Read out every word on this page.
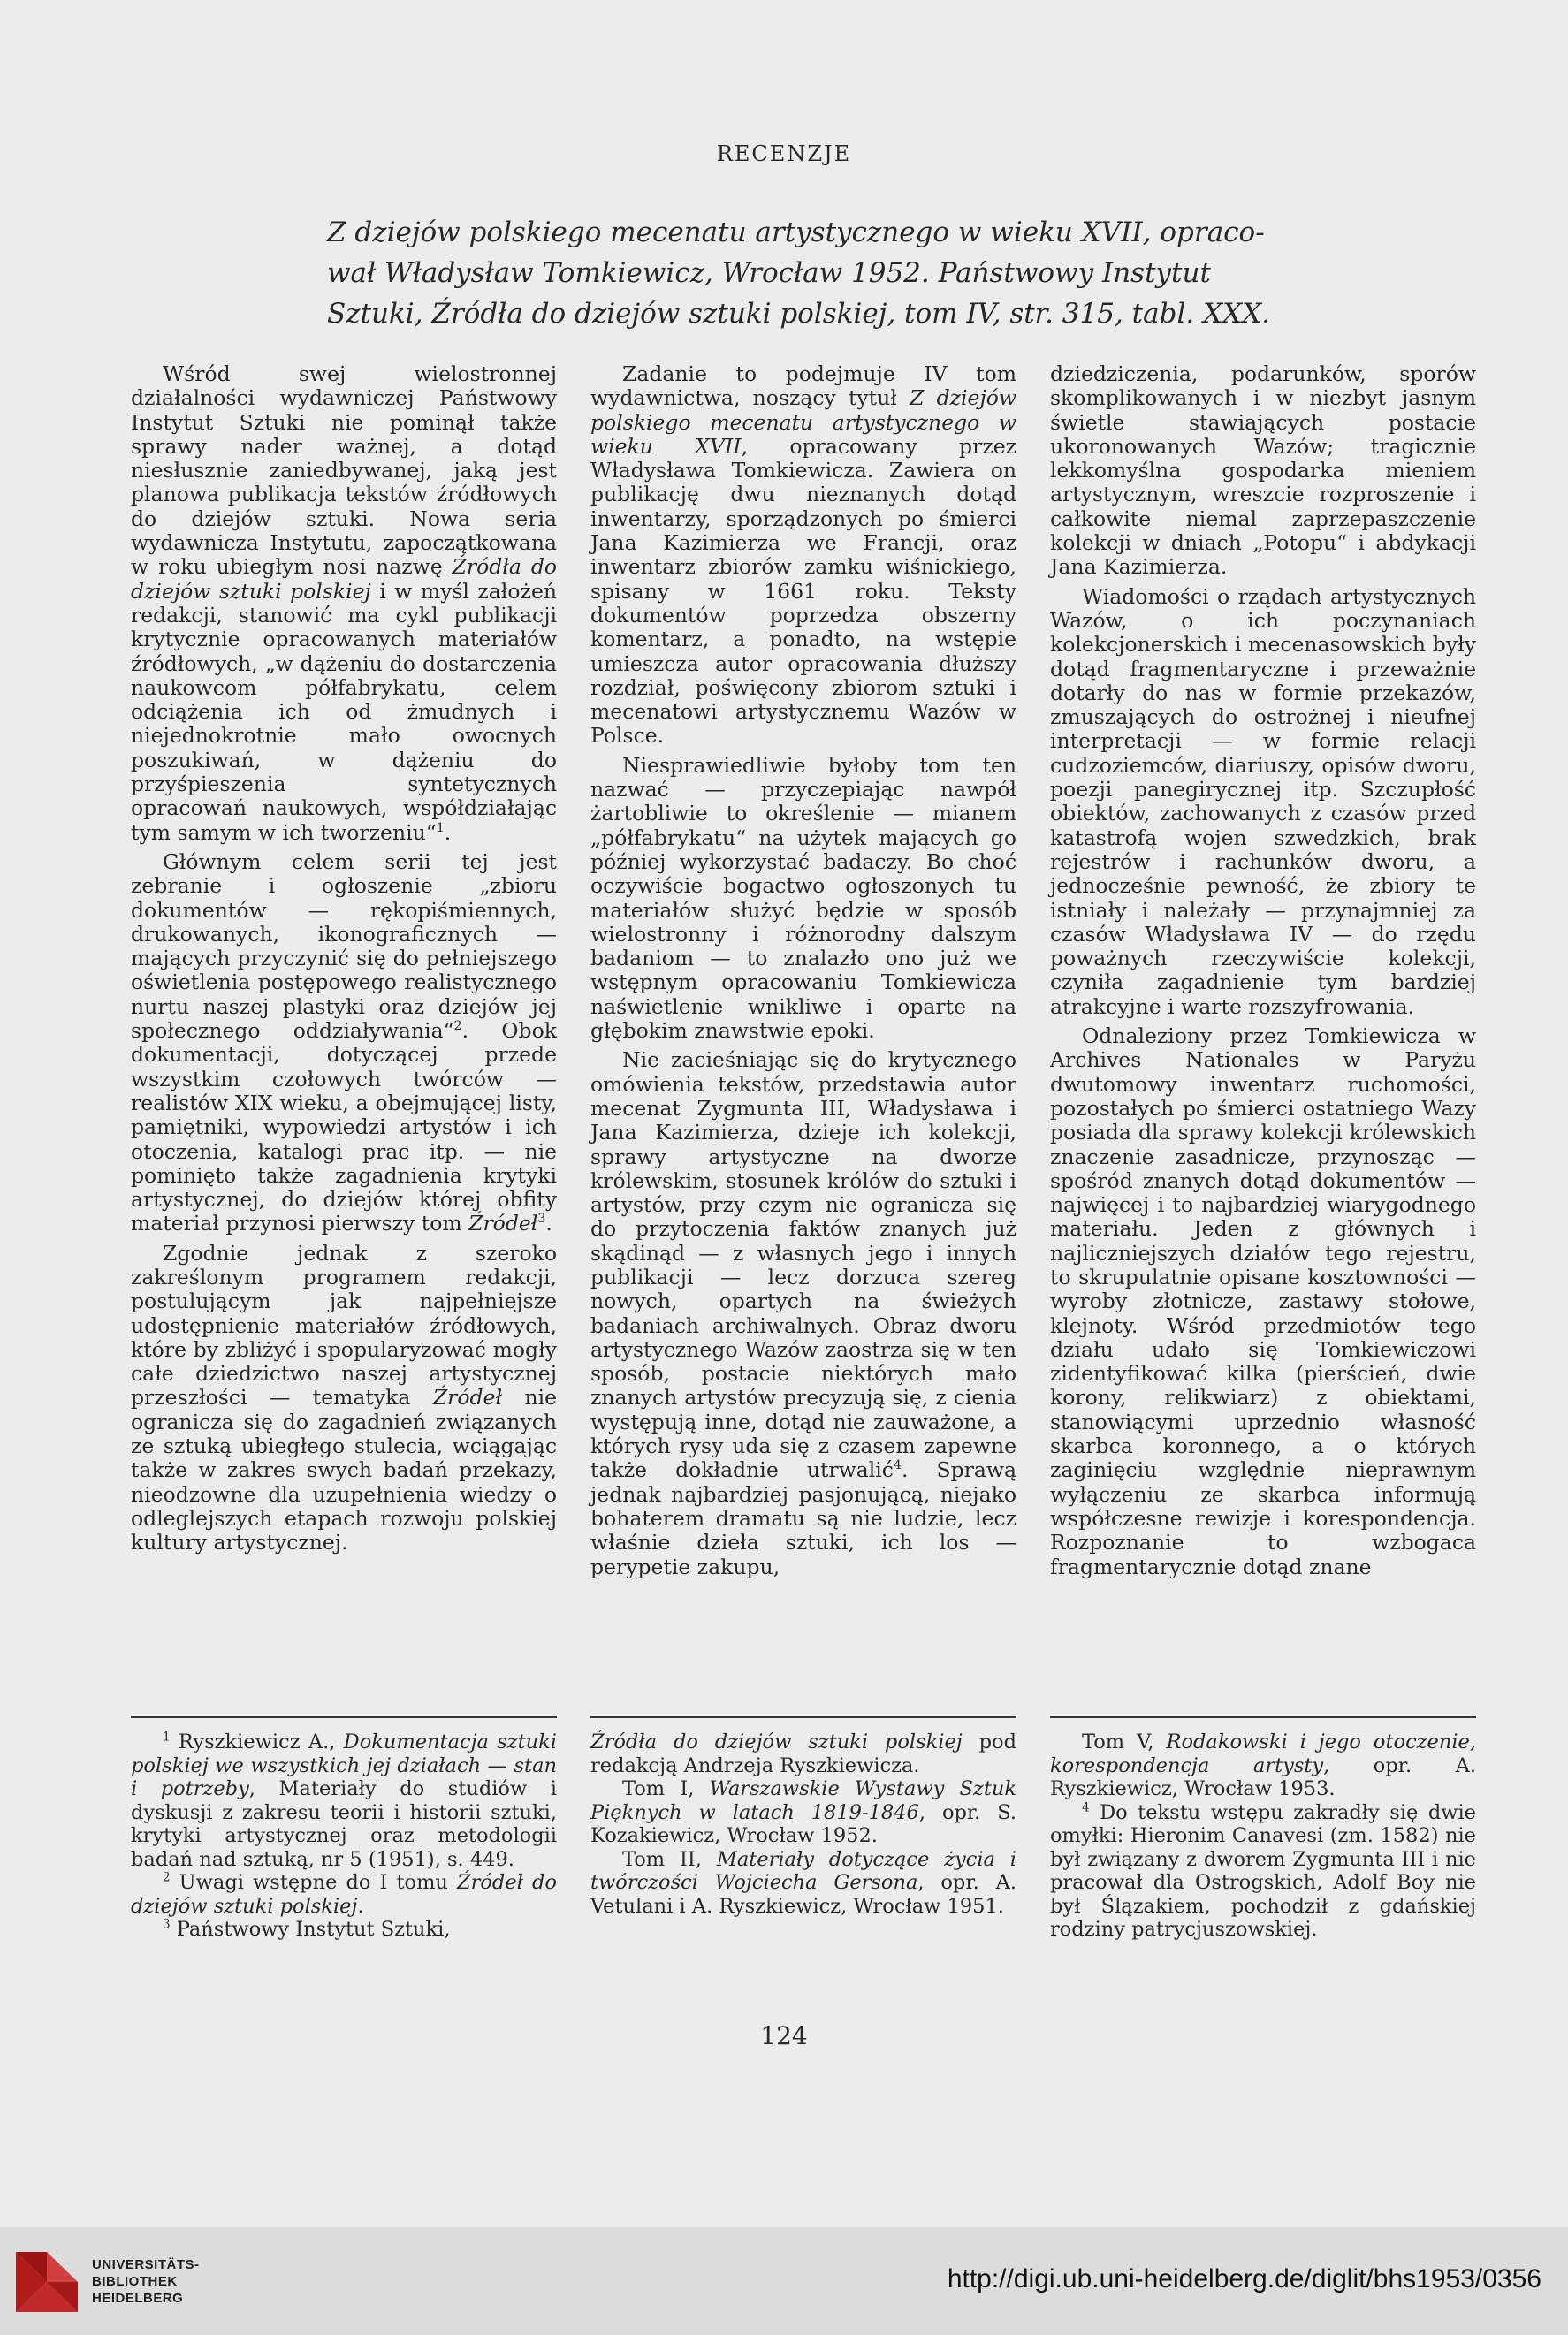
RECENZJE
Z dziejów polskiego mecenatu artystycznego w wieku XVII, opraco-
wał Władysław Tomkiewicz, Wrocław 1952. Państwowy Instytut
Sztuki, Źródła do dziejów sztuki polskiej, tom IV, str. 315, tabl. XXX.

Wśród swej wielostronnej działalności wydawniczej Państwowy Instytut Sztuki nie pominął także sprawy nader ważnej, a dotąd niesłusznie zaniedbywanej, jaką jest planowa publikacja tekstów źródłowych do dziejów sztuki. Nowa seria wydawnicza Instytutu, zapoczątkowana w roku ubiegłym nosi nazwę Źródła do dziejów sztuki polskiej i w myśl założeń redakcji, stanowić ma cykl publikacji krytycznie opracowanych materiałów źródłowych, „w dążeniu do dostarczenia naukowcom półfabrykatu, celem odciążenia ich od żmudnych i niejednokrotnie mało owocnych poszukiwań, w dążeniu do przyśpieszenia syntetycznych opracowań naukowych, współdziałając tym samym w ich tworzeniu“$^1$.

Głównym celem serii tej jest zebranie i ogłoszenie „zbioru dokumentów — rękopiśmiennych, drukowanych, ikonograficznych — mających przyczynić się do pełniejszego oświetlenia postępowego realistycznego nurtu naszej plastyki oraz dziejów jej społecznego oddziaływania“$^2$. Obok dokumentacji, dotyczącej przede wszystkim czołowych twórców — realistów XIX wieku, a obejmującej listy, pamiętniki, wypowiedzi artystów i ich otoczenia, katalogi prac itp. — nie pominięto także zagadnienia krytyki artystycznej, do dziejów której obfity materiał przynosi pierwszy tom Źródeł$^3$.

Zgodnie jednak z szeroko zakreślonym programem redakcji, postulującym jak najpełniejsze udostępnienie materiałów źródłowych, które by zbliżyć i spopularyzować mogły całe dziedzictwo naszej artystycznej przeszłości — tematyka Źródeł nie ogranicza się do zagadnień związanych ze sztuką ubiegłego stulecia, wciągając także w zakres swych badań przekazy, nieodzowne dla uzupełnienia wiedzy o odleglejszych etapach rozwoju polskiej kultury artystycznej.

Zadanie to podejmuje IV tom wydawnictwa, noszący tytuł Z dziejów polskiego mecenatu artystycznego w wieku XVII, opracowany przez Władysława Tomkiewicza. Zawiera on publikację dwu nieznanych dotąd inwentarzy, sporządzonych po śmierci Jana Kazimierza we Francji, oraz inwentarz zbiorów zamku wiśnickiego, spisany w 1661 roku. Teksty dokumentów poprzedza obszerny komentarz, a ponadto, na wstępie umieszcza autor opracowania dłuższy rozdział, poświęcony zbiorom sztuki i mecenatowi artystycznemu Wazów w Polsce.

Niesprawiedliwie byłoby tom ten nazwać — przyczepiając nawpół żartobliwie to określenie — mianem „półfabrykatu“ na użytek mających go później wykorzystać badaczy. Bo choć oczywiście bogactwo ogłoszonych tu materiałów służyć będzie w sposób wielostronny i różnorodny dalszym badaniom — to znalazło ono już we wstępnym opracowaniu Tomkiewicza naświetlenie wnikliwe i oparte na głębokim znawstwie epoki.

Nie zacieśniając się do krytycznego omówienia tekstów, przedstawia autor mecenat Zygmunta III, Władysława i Jana Kazimierza, dzieje ich kolekcji, sprawy artystyczne na dworze królewskim, stosunek królów do sztuki i artystów, przy czym nie ogranicza się do przytoczenia faktów znanych już skądinąd — z własnych jego i innych publikacji — lecz dorzuca szereg nowych, opartych na świeżych badaniach archiwalnych. Obraz dworu artystycznego Wazów zaostrza się w ten sposób, postacie niektórych mało znanych artystów precyzują się, z cienia występują inne, dotąd nie zauważone, a których rysy uda się z czasem zapewne także dokładnie utrwalić$^4$. Sprawą jednak najbardziej pasjonującą, niejako bohaterem dramatu są nie ludzie, lecz właśnie dzieła sztuki, ich los — perypetie zakupu,

dziedziczenia, podarunków, sporów skomplikowanych i w niezbyt jasnym świetle stawiających postacie ukoronowanych Wazów; tragicznie lekkomyślna gospodarka mieniem artystycznym, wreszcie rozproszenie i całkowite niemal zaprzepaszczenie kolekcji w dniach „Potopu“ i abdykacji Jana Kazimierza.

Wiadomości o rządach artystycznych Wazów, o ich poczynaniach kolekcjonerskich i mecenasowskich były dotąd fragmentaryczne i przeważnie dotarły do nas w formie przekazów, zmuszających do ostrożnej i nieufnej interpretacji — w formie relacji cudzoziemców, diariuszy, opisów dworu, poezji panegirycznej itp. Szczupłość obiektów, zachowanych z czasów przed katastrofą wojen szwedzkich, brak rejestrów i rachunków dworu, a jednocześnie pewność, że zbiory te istniały i należały — przynajmniej za czasów Władysława IV — do rzędu poważnych rzeczywiście kolekcji, czyniła zagadnienie tym bardziej atrakcyjne i warte rozszyfrowania.

Odnaleziony przez Tomkiewicza w Archives Nationales w Paryżu dwutomowy inwentarz ruchomości, pozostałych po śmierci ostatniego Wazy posiada dla sprawy kolekcji królewskich znaczenie zasadnicze, przynosząc — spośród znanych dotąd dokumentów — najwięcej i to najbardziej wiarygodnego materiału. Jeden z głównych i najliczniejszych działów tego rejestru, to skrupulatnie opisane kosztowności — wyroby złotnicze, zastawy stołowe, klejnoty. Wśród przedmiotów tego działu udało się Tomkiewiczowi zidentyfikować kilka (pierścień, dwie korony, relikwiarz) z obiektami, stanowiącymi uprzednio własność skarbca koronnego, a o których zaginięciu względnie nieprawnym wyłączeniu ze skarbca informują współczesne rewizje i korespondencja. Rozpoznanie to wzbogaca fragmentarycznie dotąd znane

$^1$ Ryszkiewicz A., Dokumentacja sztuki polskiej we wszystkich jej działach — stan i potrzeby, Materiały do studiów i dyskusji z zakresu teorii i historii sztuki, krytyki artystycznej oraz metodologii badań nad sztuką, nr 5 (1951), s. 449.

$^2$ Uwagi wstępne do I tomu Źródeł do dziejów sztuki polskiej.

$^3$ Państwowy Instytut Sztuki,

Źródła do dziejów sztuki polskiej pod redakcją Andrzeja Ryszkiewicza.

Tom I, Warszawskie Wystawy Sztuk Pięknych w latach 1819-1846, opr. S. Kozakiewicz, Wrocław 1952.

Tom II, Materiały dotyczące życia i twórczości Wojciecha Gersona, opr. A. Vetulani i A. Ryszkiewicz, Wrocław 1951.

Tom V, Rodakowski i jego otoczenie, korespondencja artysty, opr. A. Ryszkiewicz, Wrocław 1953.

$^4$ Do tekstu wstępu zakradły się dwie omyłki: Hieronim Canavesi (zm. 1582) nie był związany z dworem Zygmunta III i nie pracował dla Ostrogskich, Adolf Boy nie był Ślązakiem, pochodził z gdańskiej rodziny patrycjuszowskiej.

124
UNIVERSITÄTS-
BIBLIOTHEK
HEIDELBERG
http://digi.ub.uni-heidelberg.de/diglit/bhs1953/0356
